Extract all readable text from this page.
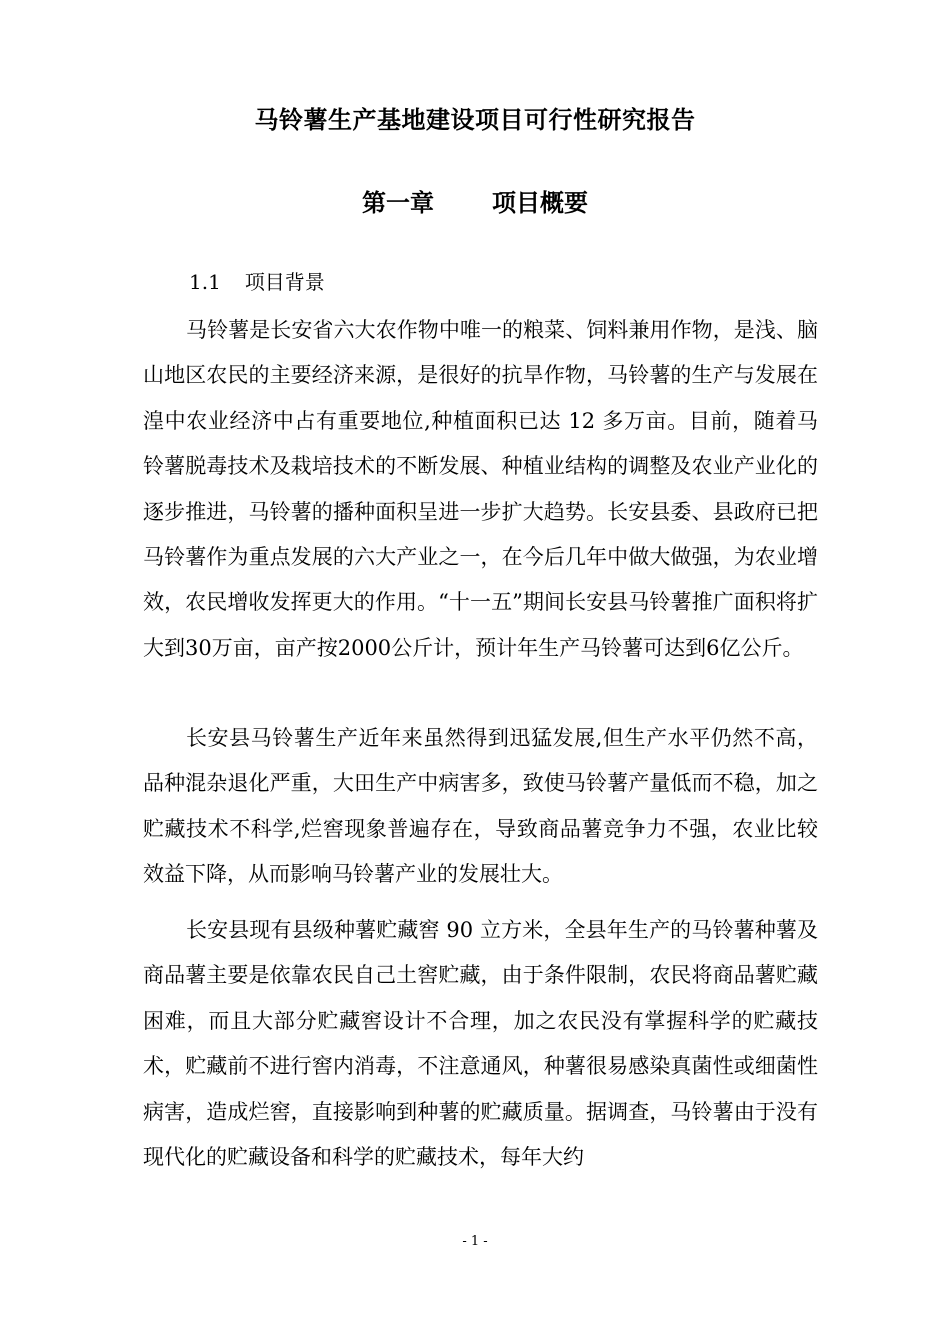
马铃薯生产基地建设项目可行性研究报告
第一章 项目概要
1.1 项目背景

马铃薯是长安省六大农作物中唯一的粮菜、饲料兼用作物，是浅、脑山地区农民的主要经济来源，是很好的抗旱作物，马铃薯的生产与发展在湟中农业经济中占有重要地位,种植面积已达 12 多万亩。目前，随着马铃薯脱毒技术及栽培技术的不断发展、种植业结构的调整及农业产业化的逐步推进，马铃薯的播种面积呈进一步扩大趋势。长安县委、县政府已把马铃薯作为重点发展的六大产业之一，在今后几年中做大做强，为农业增效，农民增收发挥更大的作用。“十一五”期间长安县马铃薯推广面积将扩大到30万亩，亩产按2000公斤计，预计年生产马铃薯可达到6亿公斤。

长安县马铃薯生产近年来虽然得到迅猛发展,但生产水平仍然不高，品种混杂退化严重，大田生产中病害多，致使马铃薯产量低而不稳，加之贮藏技术不科学,烂窖现象普遍存在，导致商品薯竞争力不强，农业比较效益下降，从而影响马铃薯产业的发展壮大。

长安县现有县级种薯贮藏窖 90 立方米，全县年生产的马铃薯种薯及商品薯主要是依靠农民自己土窖贮藏，由于条件限制，农民将商品薯贮藏困难，而且大部分贮藏窖设计不合理，加之农民没有掌握科学的贮藏技术，贮藏前不进行窖内消毒，不注意通风，种薯很易感染真菌性或细菌性病害，造成烂窖，直接影响到种薯的贮藏质量。据调查，马铃薯由于没有现代化的贮藏设备和科学的贮藏技术，每年大约

- 1 -
